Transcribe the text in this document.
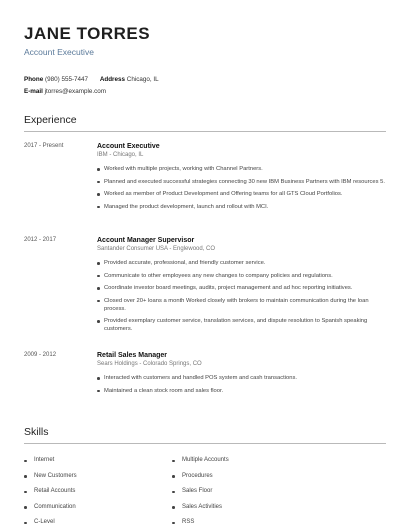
JANE TORRES
Account Executive
Phone (980) 555-7447 Address Chicago, IL
E-mail jtorres@example.com
Experience
2017 - Present	Account Executive
IBM - Chicago, IL
Worked with multiple projects, working with Channel Partners.
Planned and executed successful strategies connecting 30 new IBM Business Partners with IBM resources 5.
Worked as member of Product Development and Offering teams for all GTS Cloud Portfolios.
Managed the product development, launch and rollout with MCI.
2012 - 2017	Account Manager Supervisor
Santander Consumer USA - Englewood, CO
Provided accurate, professional, and friendly customer service.
Communicate to other employees any new changes to company policies and regulations.
Coordinate investor board meetings, audits, project management and ad hoc reporting initiatives.
Closed over 20+ loans a month Worked closely with brokers to maintain communication during the loan process.
Provided exemplary customer service, translation services, and dispute resolution to Spanish speaking customers.
2009 - 2012	Retail Sales Manager
Sears Holdings - Colorado Springs, CO
Interacted with customers and handled POS system and cash transactions.
Maintained a clean stock room and sales floor.
Skills
Internet
New Customers
Retail Accounts
Communication
C-Level
Multiple Accounts
Procedures
Sales Floor
Sales Activities
RSS
